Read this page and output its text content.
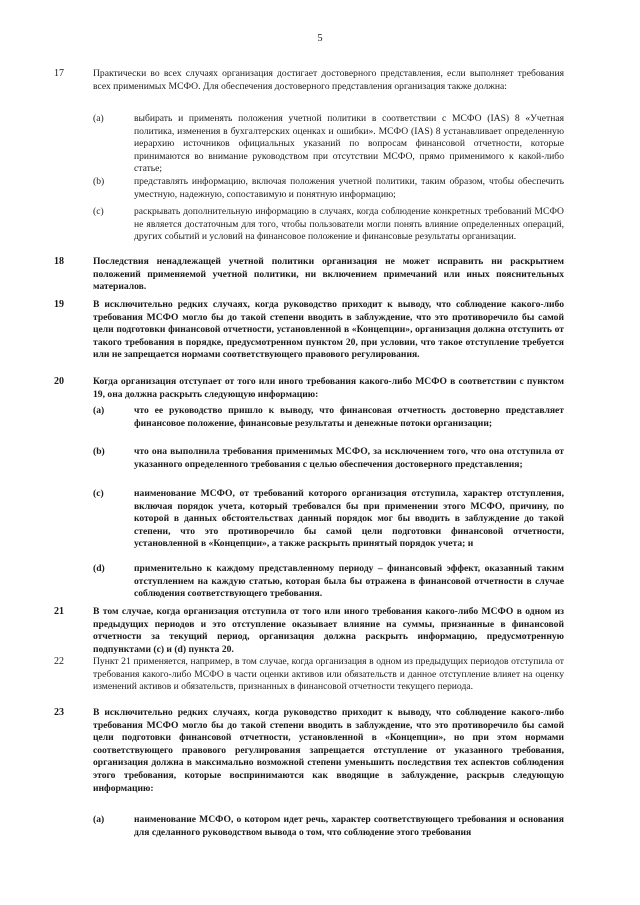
5
17	Практически во всех случаях организация достигает достоверного представления, если выполняет требования всех применимых МСФО. Для обеспечения достоверного представления организация также должна:

(a)	выбирать и применять положения учетной политики в соответствии с МСФО (IAS) 8 «Учетная политика, изменения в бухгалтерских оценках и ошибки». МСФО (IAS) 8 устанавливает определенную иерархию источников официальных указаний по вопросам финансовой отчетности, которые принимаются во внимание руководством при отсутствии МСФО, прямо применимого к какой-либо статье;

(b)	представлять информацию, включая положения учетной политики, таким образом, чтобы обеспечить уместную, надежную, сопоставимую и понятную информацию;

(c)	раскрывать дополнительную информацию в случаях, когда соблюдение конкретных требований МСФО не является достаточным для того, чтобы пользователи могли понять влияние определенных операций, других событий и условий на финансовое положение и финансовые результаты организации.

18	Последствия ненадлежащей учетной политики организация не может исправить ни раскрытием положений применяемой учетной политики, ни включением примечаний или иных пояснительных материалов.

19	В исключительно редких случаях, когда руководство приходит к выводу, что соблюдение какого-либо требования МСФО могло бы до такой степени вводить в заблуждение, что это противоречило бы самой цели подготовки финансовой отчетности, установленной в «Концепции», организация должна отступить от такого требования в порядке, предусмотренном пунктом 20, при условии, что такое отступление требуется или не запрещается нормами соответствующего правового регулирования.

20	Когда организация отступает от того или иного требования какого-либо МСФО в соответствии с пунктом 19, она должна раскрыть следующую информацию:

(a)	что ее руководство пришло к выводу, что финансовая отчетность достоверно представляет финансовое положение, финансовые результаты и денежные потоки организации;

(b)	что она выполнила требования применимых МСФО, за исключением того, что она отступила от указанного определенного требования с целью обеспечения достоверного представления;

(c)	наименование МСФО, от требований которого организация отступила, характер отступления, включая порядок учета, который требовался бы при применении этого МСФО, причину, по которой в данных обстоятельствах данный порядок мог бы вводить в заблуждение до такой степени, что это противоречило бы самой цели подготовки финансовой отчетности, установленной в «Концепции», а также раскрыть принятый порядок учета; и

(d)	применительно к каждому представленному периоду – финансовый эффект, оказанный таким отступлением на каждую статью, которая была бы отражена в финансовой отчетности в случае соблюдения соответствующего требования.

21	В том случае, когда организация отступила от того или иного требования какого-либо МСФО в одном из предыдущих периодов и это отступление оказывает влияние на суммы, признанные в финансовой отчетности за текущий период, организация должна раскрыть информацию, предусмотренную подпунктами (c) и (d) пункта 20.

22	Пункт 21 применяется, например, в том случае, когда организация в одном из предыдущих периодов отступила от требования какого-либо МСФО в части оценки активов или обязательств и данное отступление влияет на оценку изменений активов и обязательств, признанных в финансовой отчетности текущего периода.

23	В исключительно редких случаях, когда руководство приходит к выводу, что соблюдение какого-либо требования МСФО могло бы до такой степени вводить в заблуждение, что это противоречило бы самой цели подготовки финансовой отчетности, установленной в «Концепции», но при этом нормами соответствующего правового регулирования запрещается отступление от указанного требования, организация должна в максимально возможной степени уменьшить последствия тех аспектов соблюдения этого требования, которые воспринимаются как вводящие в заблуждение, раскрыв следующую информацию:

(a)	наименование МСФО, о котором идет речь, характер соответствующего требования и основания для сделанного руководством вывода о том, что соблюдение этого требования
